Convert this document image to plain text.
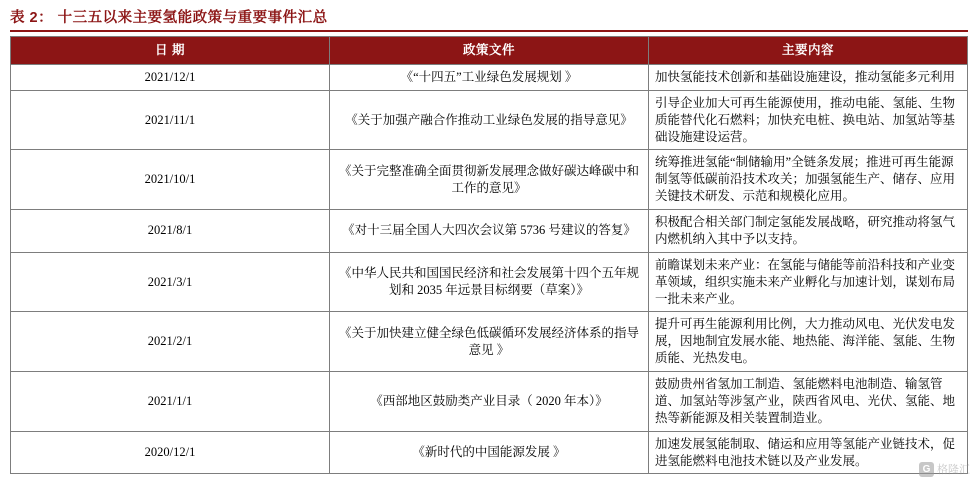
表 2： 十三五以来主要氢能政策与重要事件汇总
日 期	政策文件	主要内容
2021/12/1	《“十四五”工业绿色发展规划 》	加快氢能技术创新和基础设施建设，推动氢能多元利用
2021/11/1	《关于加强产融合作推动工业绿色发展的指导意见》	引导企业加大可再生能源使用，推动电能、氢能、生物质能替代化石燃料；加快充电桩、换电站、加氢站等基础设施建设运营。
2021/10/1	《关于完整准确全面贯彻新发展理念做好碳达峰碳中和工作的意见》	统筹推进氢能“制储输用”全链条发展；推进可再生能源制氢等低碳前沿技术攻关；加强氢能生产、储存、应用关键技术研发、示范和规模化应用。
2021/8/1	《对十三届全国人大四次会议第 5736 号建议的答复》	积极配合相关部门制定氢能发展战略，研究推动将氢气内燃机纳入其中予以支持。
2021/3/1	《中华人民共和国国民经济和社会发展第十四个五年规划和 2035 年远景目标纲要（草案）》	前瞻谋划未来产业：在氢能与储能等前沿科技和产业变革领域，组织实施未来产业孵化与加速计划，谋划布局一批未来产业。
2021/2/1	《关于加快建立健全绿色低碳循环发展经济体系的指导意见 》	提升可再生能源利用比例，大力推动风电、光伏发电发展，因地制宜发展水能、地热能、海洋能、氢能、生物质能、光热发电。
2021/1/1	《西部地区鼓励类产业目录（ 2020 年本）》	鼓励贵州省氢加工制造、氢能燃料电池制造、输氢管道、加氢站等涉氢产业，陕西省风电、光伏、氢能、地热等新能源及相关装置制造业。
2020/12/1	《新时代的中国能源发展 》	加速发展氢能制取、储运和应用等氢能产业链技术，促进氢能燃料电池技术链以及产业发展。
G 格隆汇
